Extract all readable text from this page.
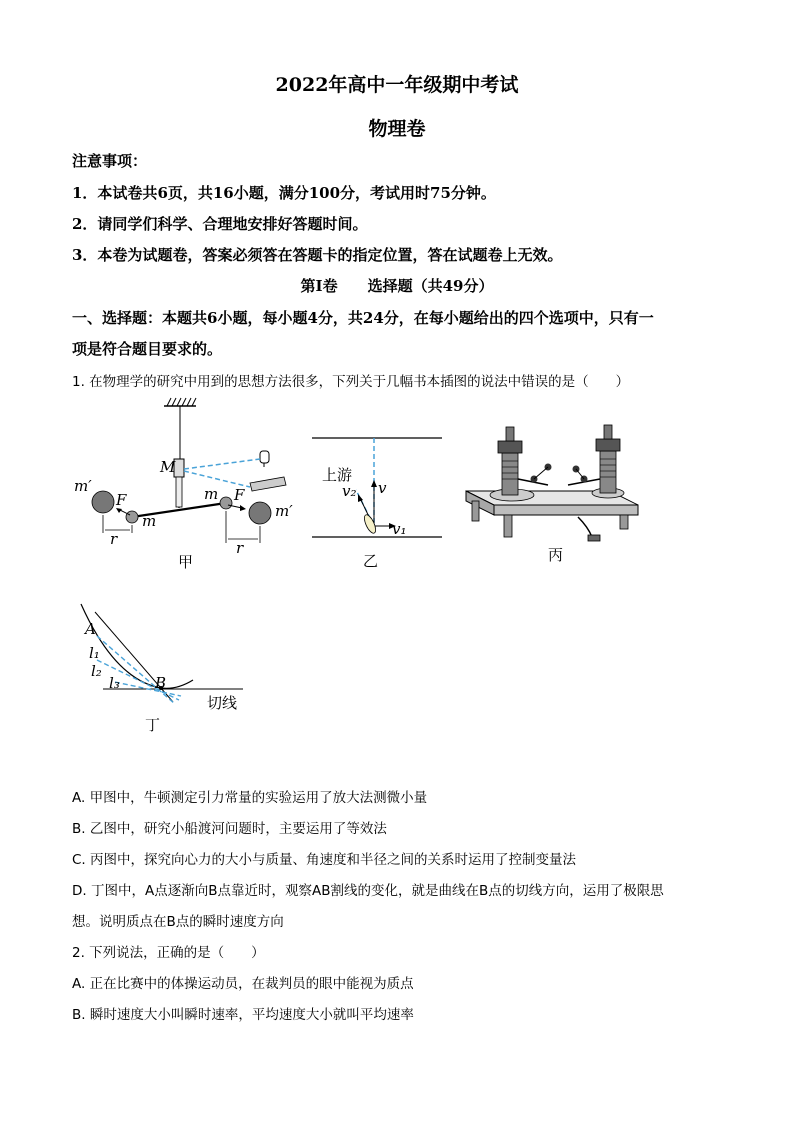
2022年高中一年级期中考试
物理卷
注意事项：
1．本试卷共6页，共16小题，满分100分，考试用时75分钟。
2．请同学们科学、合理地安排好答题时间。
3．本卷为试题卷，答案必须答在答题卡的指定位置，答在试题卷上无效。
第I卷　　选择题（共49分）
一、选择题：本题共6小题，每小题4分，共24分，在每小题给出的四个选项中，只有一
项是符合题目要求的。
1. 在物理学的研究中用到的思想方法很多，下列关于几幅书本插图的说法中错误的是（　　）
M
m′
F
m
r
m F
m′
r
甲
上游
v₂ v
v₁
乙	丙
A
l₁
l₂
l₃ B
切线
丁
A. 甲图中，牛顿测定引力常量的实验运用了放大法测微小量
B. 乙图中，研究小船渡河问题时，主要运用了等效法
C. 丙图中，探究向心力的大小与质量、角速度和半径之间的关系时运用了控制变量法
D. 丁图中，A点逐渐向B点靠近时，观察AB割线的变化，就是曲线在B点的切线方向，运用了极限思
想。说明质点在B点的瞬时速度方向
2. 下列说法，正确的是（　　）
A. 正在比赛中的体操运动员，在裁判员的眼中能视为质点
B. 瞬时速度大小叫瞬时速率，平均速度大小就叫平均速率
